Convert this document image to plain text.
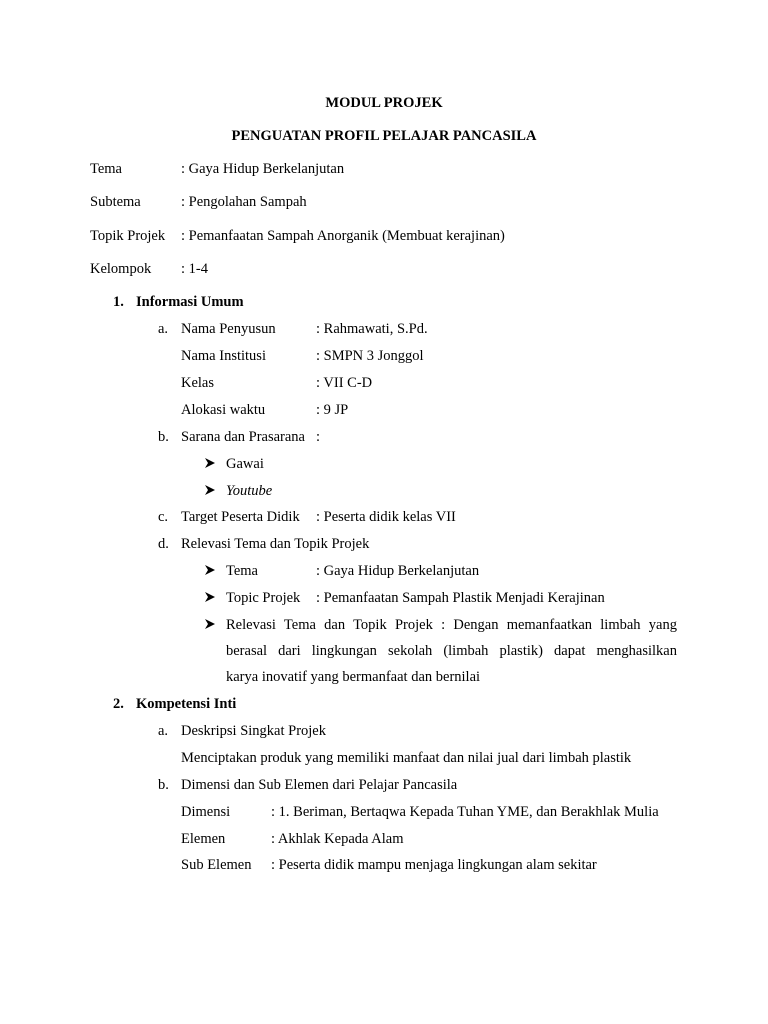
MODUL PROJEK
PENGUATAN PROFIL PELAJAR PANCASILA
Tema	: Gaya Hidup Berkelanjutan
Subtema	: Pengolahan Sampah
Topik Projek : Pemanfaatan Sampah Anorganik (Membuat kerajinan)
Kelompok : 1-4
1. Informasi Umum
a. Nama Penyusun	: Rahmawati, S.Pd.
Nama Institusi	: SMPN 3 Jonggol
Kelas	: VII C-D
Alokasi waktu	: 9 JP
b. Sarana dan Prasarana :
Gawai
Youtube
c. Target Peserta Didik : Peserta didik kelas VII
d. Relevasi Tema dan Topik Projek
Tema	: Gaya Hidup Berkelanjutan
Topic Projek : Pemanfaatan Sampah Plastik Menjadi Kerajinan
Relevasi Tema dan Topik Projek : Dengan memanfaatkan limbah yang
berasal dari lingkungan sekolah (limbah plastik) dapat menghasilkan
karya inovatif yang bermanfaat dan bernilai
2. Kompetensi Inti
a. Deskripsi Singkat Projek
Menciptakan produk yang memiliki manfaat dan nilai jual dari limbah plastik
b. Dimensi dan Sub Elemen dari Pelajar Pancasila
Dimensi	: 1. Beriman, Bertaqwa Kepada Tuhan YME, dan Berakhlak Mulia
Elemen	: Akhlak Kepada Alam
Sub Elemen : Peserta didik mampu menjaga lingkungan alam sekitar
